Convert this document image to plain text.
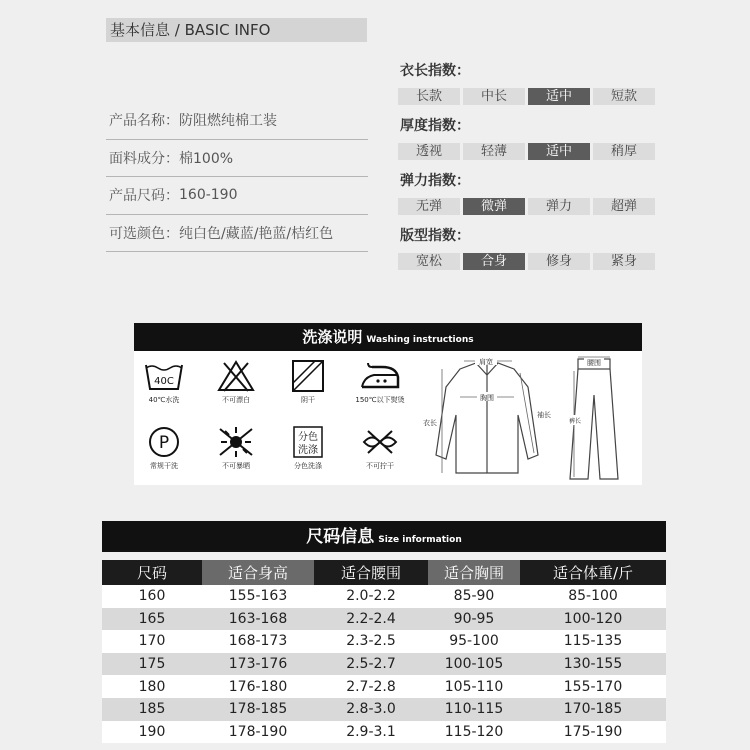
基本信息 / BASIC INFO
产品名称： 防阻燃纯棉工装
面料成分： 棉100%
产品尺码： 160-190
可选颜色： 纯白色/藏蓝/艳蓝/桔红色
衣长指数：
长款	中长	适中	短款
厚度指数：
透视	轻薄	适中	稍厚
弹力指数：
无弹	微弹	弹力	超弹
版型指数：
宽松	合身	修身	紧身
洗涤说明 Washing instructions
40C
40℃水洗	不可漂白	阴干	150℃以下熨烫
P
常规干洗	不可暴晒
分色
洗涤
分色洗涤	不可拧干
肩宽
胸围
衣长
袖长
腰围
裤长
尺码信息 Size information
尺码	适合身高	适合腰围	适合胸围	适合体重/斤
160	155-163	2.0-2.2	85-90	85-100
165	163-168	2.2-2.4	90-95	100-120
170	168-173	2.3-2.5	95-100	115-135
175	173-176	2.5-2.7	100-105	130-155
180	176-180	2.7-2.8	105-110	155-170
185	178-185	2.8-3.0	110-115	170-185
190	178-190	2.9-3.1	115-120	175-190
